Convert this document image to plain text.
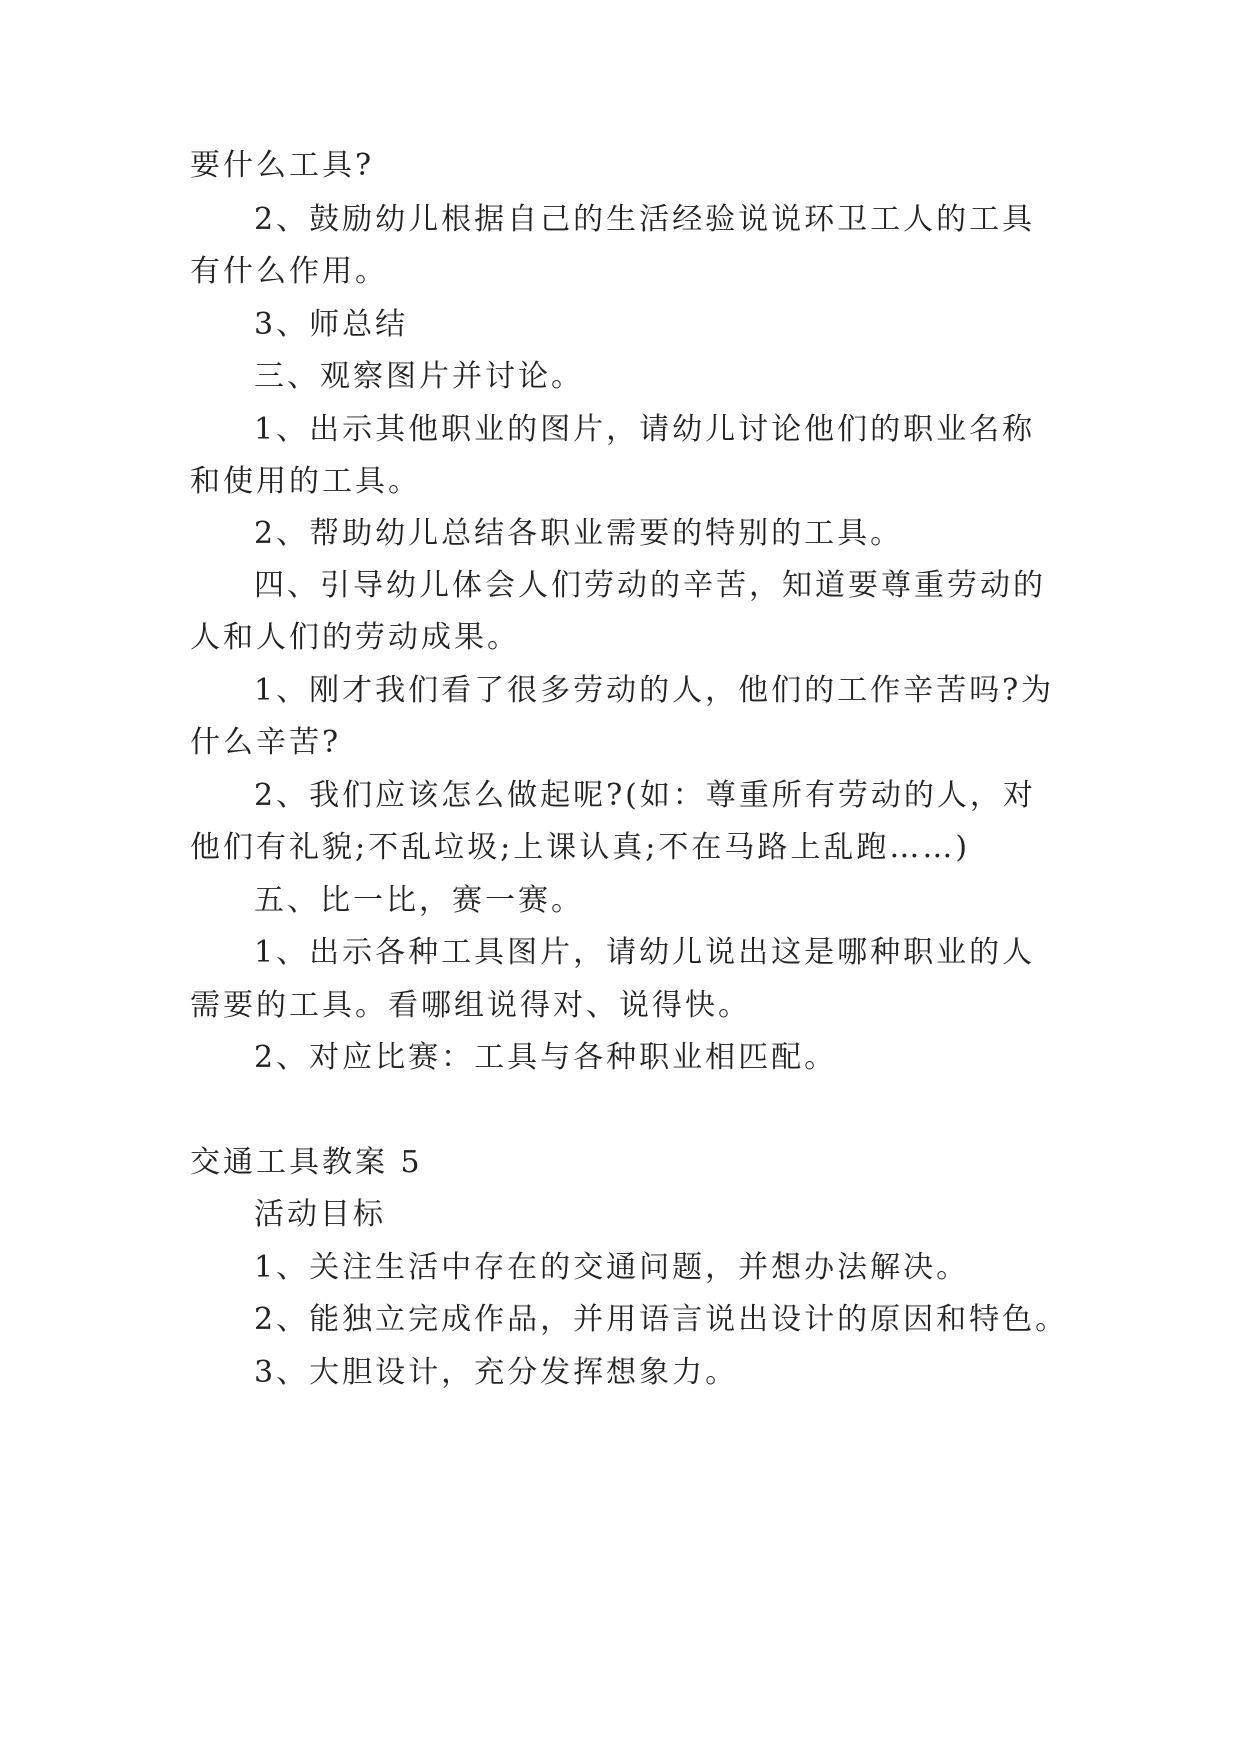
要什么工具?
2、鼓励幼儿根据自己的生活经验说说环卫工人的工具
有什么作用。
3、师总结
三、观察图片并讨论。
1、出示其他职业的图片，请幼儿讨论他们的职业名称
和使用的工具。
2、帮助幼儿总结各职业需要的特别的工具。
四、引导幼儿体会人们劳动的辛苦，知道要尊重劳动的
人和人们的劳动成果。
1、刚才我们看了很多劳动的人，他们的工作辛苦吗?为
什么辛苦?
2、我们应该怎么做起呢?(如：尊重所有劳动的人，对
他们有礼貌;不乱垃圾;上课认真;不在马路上乱跑……)
五、比一比，赛一赛。
1、出示各种工具图片，请幼儿说出这是哪种职业的人
需要的工具。看哪组说得对、说得快。
2、对应比赛：工具与各种职业相匹配。
交通工具教案 5
活动目标
1、关注生活中存在的交通问题，并想办法解决。
2、能独立完成作品，并用语言说出设计的原因和特色。
3、大胆设计，充分发挥想象力。
